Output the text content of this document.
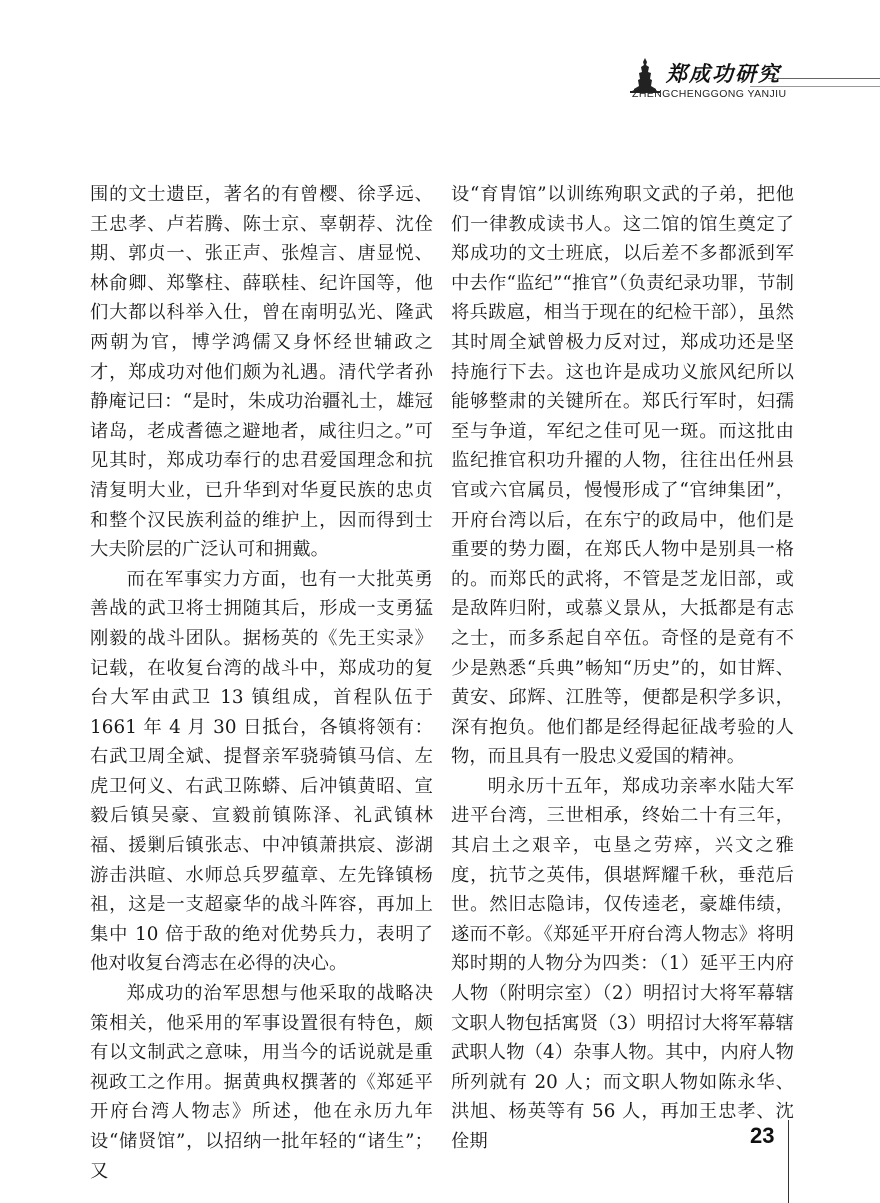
郑成功研究
ZHENGCHENGGONG YANJIU

围的文士遗臣，著名的有曾樱、徐孚远、王忠孝、卢若腾、陈士京、辜朝荐、沈佺期、郭贞一、张正声、张煌言、唐显悦、林俞卿、郑擎柱、薛联桂、纪许国等，他们大都以科举入仕，曾在南明弘光、隆武两朝为官，博学鸿儒又身怀经世辅政之才，郑成功对他们颇为礼遇。清代学者孙静庵记曰：“是时，朱成功治疆礼士，雄冠诸岛，老成耆德之避地者，咸往归之。”可见其时，郑成功奉行的忠君爱国理念和抗清复明大业，已升华到对华夏民族的忠贞和整个汉民族利益的维护上，因而得到士大夫阶层的广泛认可和拥戴。

而在军事实力方面，也有一大批英勇善战的武卫将士拥随其后，形成一支勇猛刚毅的战斗团队。据杨英的《先王实录》记载，在收复台湾的战斗中，郑成功的复台大军由武卫 13 镇组成，首程队伍于 1661 年 4 月 30 日抵台，各镇将领有：右武卫周全斌、提督亲军骁骑镇马信、左虎卫何义、右武卫陈蟒、后冲镇黄昭、宣毅后镇吴豪、宣毅前镇陈泽、礼武镇林福、援剿后镇张志、中冲镇萧拱宸、澎湖游击洪暄、水师总兵罗蕴章、左先锋镇杨祖，这是一支超豪华的战斗阵容，再加上集中 10 倍于敌的绝对优势兵力，表明了他对收复台湾志在必得的决心。

郑成功的治军思想与他采取的战略决策相关，他采用的军事设置很有特色，颇有以文制武之意味，用当今的话说就是重视政工之作用。据黄典权撰著的《郑延平开府台湾人物志》所述，他在永历九年设“储贤馆”，以招纳一批年轻的“诸生”；又

设“育胄馆”以训练殉职文武的子弟，把他们一律教成读书人。这二馆的馆生奠定了郑成功的文士班底，以后差不多都派到军中去作“监纪”“推官”（负责纪录功罪，节制将兵跋扈，相当于现在的纪检干部），虽然其时周全斌曾极力反对过，郑成功还是坚持施行下去。这也许是成功义旅风纪所以能够整肃的关键所在。郑氏行军时，妇孺至与争道，军纪之佳可见一斑。而这批由监纪推官积功升擢的人物，往往出任州县官或六官属员，慢慢形成了“官绅集团”，开府台湾以后，在东宁的政局中，他们是重要的势力圈，在郑氏人物中是别具一格的。而郑氏的武将，不管是芝龙旧部，或是敌阵归附，或慕义景从，大抵都是有志之士，而多系起自卒伍。奇怪的是竟有不少是熟悉“兵典”畅知“历史”的，如甘辉、黄安、邱辉、江胜等，便都是积学多识，深有抱负。他们都是经得起征战考验的人物，而且具有一股忠义爱国的精神。

明永历十五年，郑成功亲率水陆大军进平台湾，三世相承，终始二十有三年，其启土之艰辛，屯垦之劳瘁，兴文之雅度，抗节之英伟，俱堪辉耀千秋，垂范后世。然旧志隐讳，仅传逵老，豪雄伟绩，遂而不彰。《郑延平开府台湾人物志》将明郑时期的人物分为四类：（1）延平王内府人物（附明宗室）（2）明招讨大将军幕辖文职人物包括寓贤（3）明招讨大将军幕辖武职人物（4）杂事人物。其中，内府人物所列就有 20 人；而文职人物如陈永华、洪旭、杨英等有 56 人，再加王忠孝、沈佺期	23
